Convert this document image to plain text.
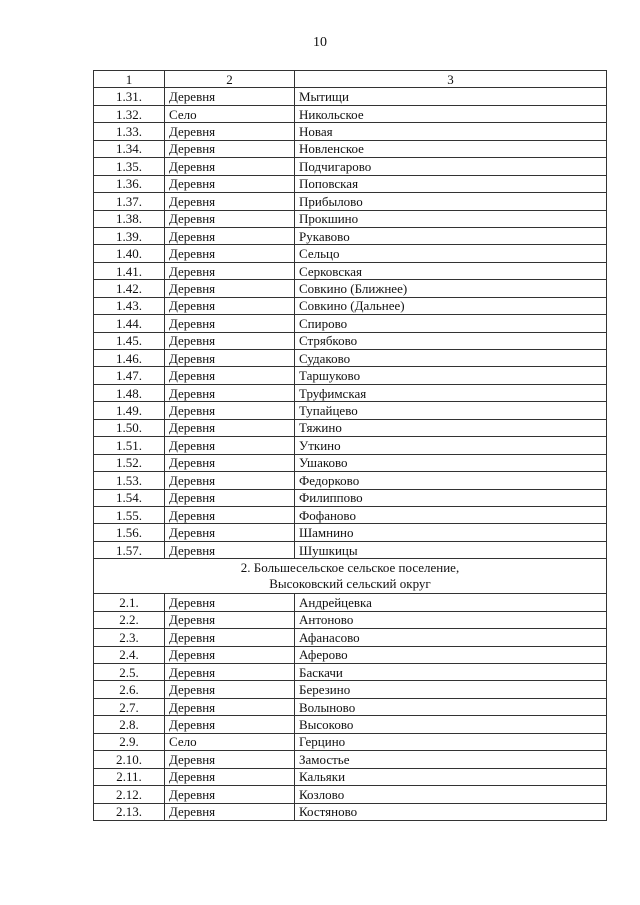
10
1	2	3
1.31.	Деревня	Мытищи
1.32.	Село	Никольское
1.33.	Деревня	Новая
1.34.	Деревня	Новленское
1.35.	Деревня	Подчигарово
1.36.	Деревня	Поповская
1.37.	Деревня	Прибылово
1.38.	Деревня	Прокшино
1.39.	Деревня	Рукавово
1.40.	Деревня	Сельцо
1.41.	Деревня	Серковская
1.42.	Деревня	Совкино (Ближнее)
1.43.	Деревня	Совкино (Дальнее)
1.44.	Деревня	Спирово
1.45.	Деревня	Стрябково
1.46.	Деревня	Судаково
1.47.	Деревня	Таршуково
1.48.	Деревня	Труфимская
1.49.	Деревня	Тупайцево
1.50.	Деревня	Тяжино
1.51.	Деревня	Уткино
1.52.	Деревня	Ушаково
1.53.	Деревня	Федорково
1.54.	Деревня	Филиппово
1.55.	Деревня	Фофаново
1.56.	Деревня	Шамнино
1.57.	Деревня	Шушкицы

2. Большесельское сельское поселение,
Высоковский сельский округ		

2.1.	Деревня	Андрейцевка
2.2.	Деревня	Антоново
2.3.	Деревня	Афанасово
2.4.	Деревня	Аферово
2.5.	Деревня	Баскачи
2.6.	Деревня	Березино
2.7.	Деревня	Волыново
2.8.	Деревня	Высоково
2.9.	Село	Герцино
2.10.	Деревня	Замостье
2.11.	Деревня	Кальяки
2.12.	Деревня	Козлово
2.13.	Деревня	Костяново
